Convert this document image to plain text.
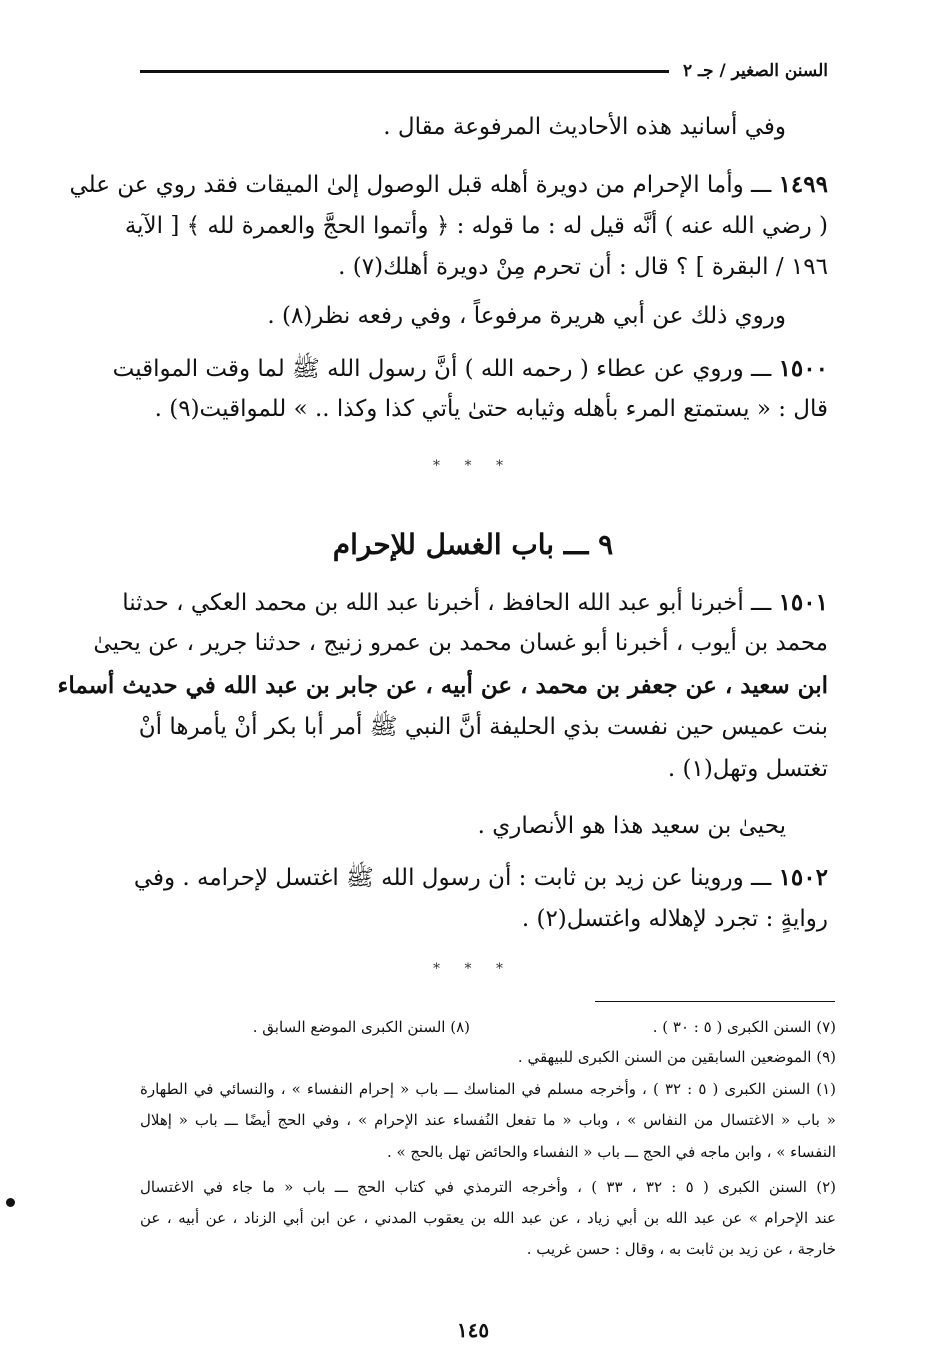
السنن الصغير / جـ ٢
وفي أسانيد هذه الأحاديث المرفوعة مقال .
١٤٩٩ ـــ وأما الإحرام من دويرة أهله قبل الوصول إلىٰ الميقات فقد روي عن علي
( رضي الله عنه ) أنَّه قيل له : ما قوله : ﴿ وأتموا الحجَّ والعمرة لله ﴾ [ الآية
١٩٦ / البقرة ] ؟ قال : أن تحرم مِنْ دويرة أهلك(٧) .
وروي ذلك عن أبي هريرة مرفوعاً ، وفي رفعه نظر(٨) .
١٥٠٠ ـــ وروي عن عطاء ( رحمه الله ) أنَّ رسول الله ﷺ لما وقت المواقيت
قال : « يستمتع المرء بأهله وثيابه حتىٰ يأتي كذا وكذا .. » للمواقيت(٩) .
* * *
٩ ـــ باب الغسل للإحرام
١٥٠١ ـــ أخبرنا أبو عبد الله الحافظ ، أخبرنا عبد الله بن محمد العكي ، حدثنا
محمد بن أيوب ، أخبرنا أبو غسان محمد بن عمرو زنيج ، حدثنا جرير ، عن يحيىٰ
ابن سعيد ، عن جعفر بن محمد ، عن أبيه ، عن جابر بن عبد الله في حديث أسماء
بنت عميس حين نفست بذي الحليفة أنَّ النبي ﷺ أمر أبا بكر أنْ يأمرها أنْ
تغتسل وتهل(١) .
يحيىٰ بن سعيد هذا هو الأنصاري .
١٥٠٢ ـــ وروينا عن زيد بن ثابت : أن رسول الله ﷺ اغتسل لإحرامه . وفي
روايةٍ : تجرد لإهلاله واغتسل(٢) .
* * *
(٧) السنن الكبرى ( ٥ : ٣٠ ) .
(٨) السنن الكبرى الموضع السابق .
(٩) الموضعين السابقين من السنن الكبرى للبيهقي .
(١) السنن الكبرى ( ٥ : ٣٢ ) ، وأخرجه مسلم في المناسك ـــ باب « إحرام النفساء » ، والنسائي في الطهارة
« باب « الاغتسال من النفاس » ، وباب « ما تفعل النُفساء عند الإحرام » ، وفي الحج أيضًا ـــ باب « إهلال
النفساء » ، وابن ماجه في الحج ـــ باب « النفساء والحائض تهل بالحج » .
(٢) السنن الكبرى ( ٥ : ٣٢ ، ٣٣ ) ، وأخرجه الترمذي في كتاب الحج ـــ باب « ما جاء في الاغتسال
عند الإحرام » عن عبد الله بن أبي زياد ، عن عبد الله بن يعقوب المدني ، عن ابن أبي الزناد ، عن أبيه ، عن
خارجة ، عن زيد بن ثابت به ، وقال : حسن غريب .
١٤٥
